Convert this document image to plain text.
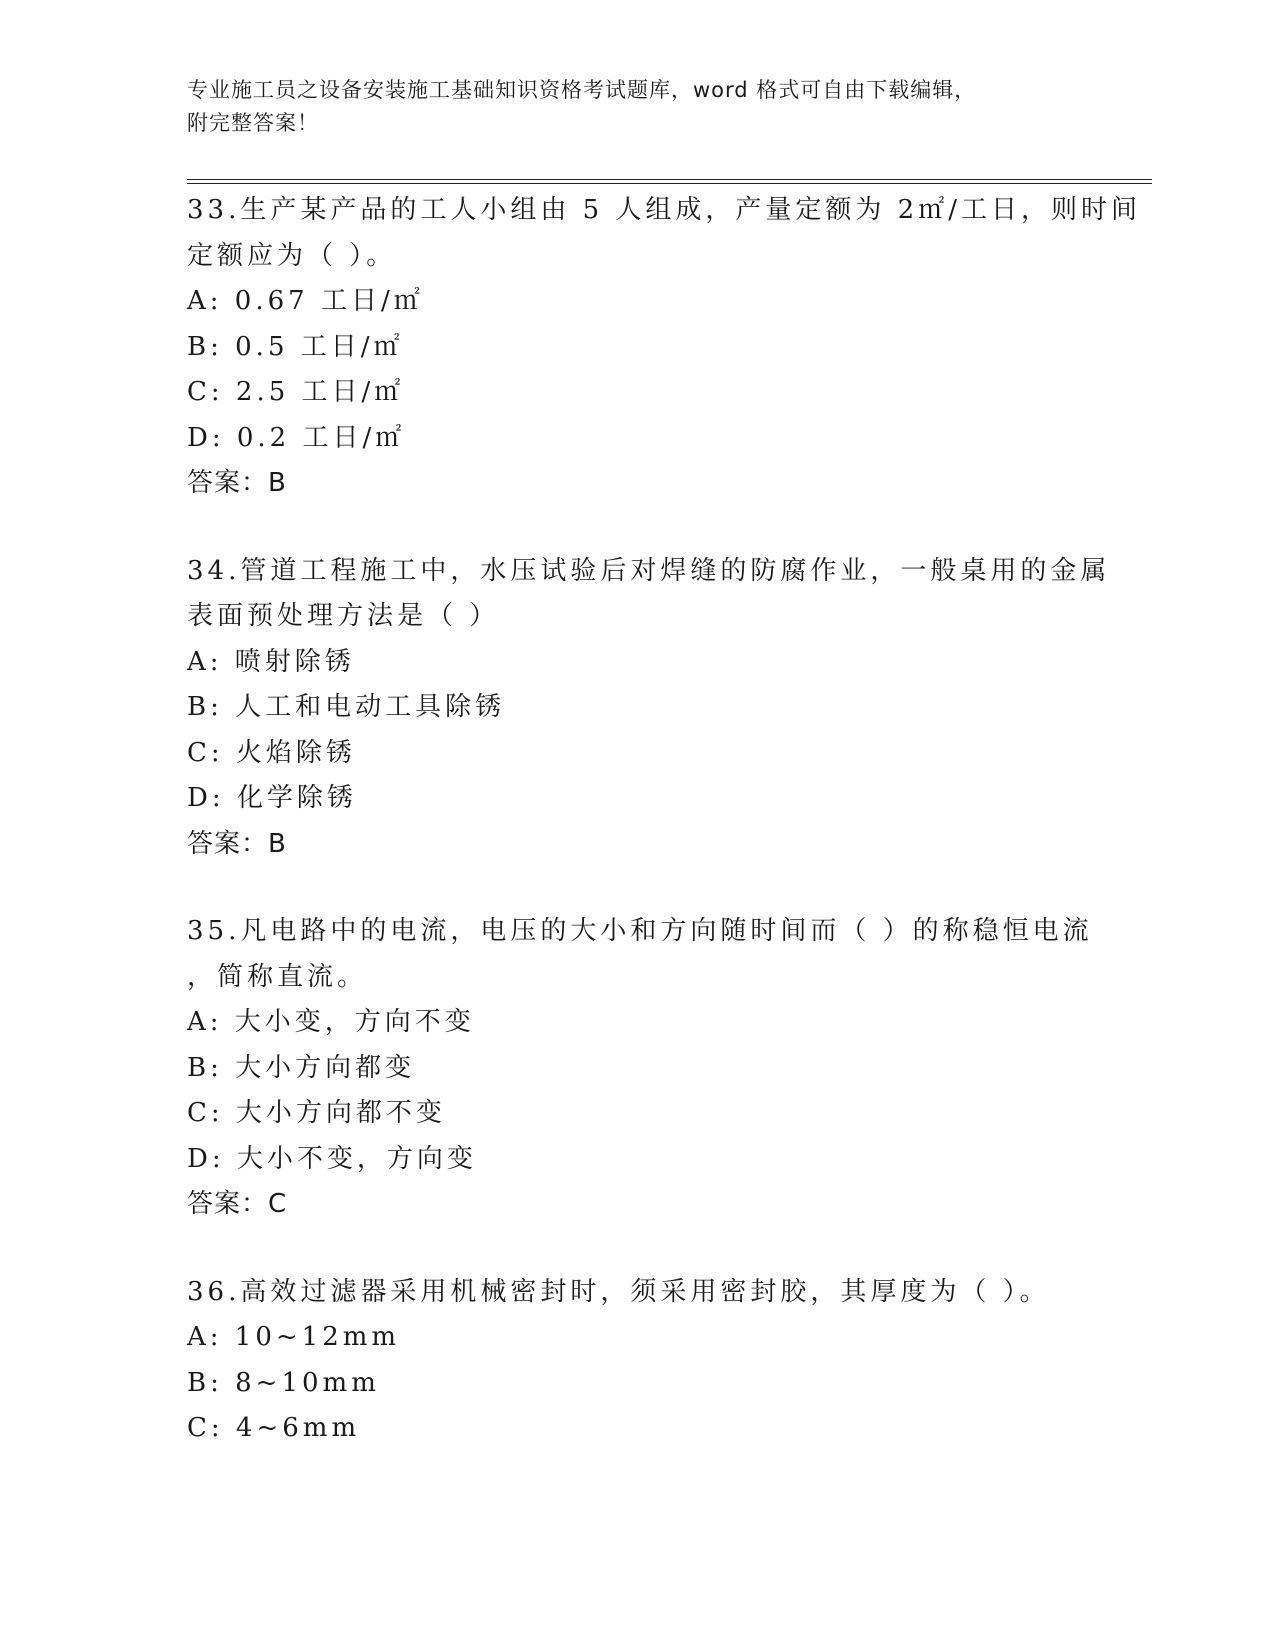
专业施工员之设备安装施工基础知识资格考试题库，word 格式可自由下载编辑，
附完整答案！
33.生产某产品的工人小组由 5 人组成，产量定额为 2㎡/工日，则时间
定额应为（ ）。
A: 0.67 工日/㎡
B: 0.5 工日/㎡
C: 2.5 工日/㎡
D: 0.2 工日/㎡
答案：B
34.管道工程施工中，水压试验后对焊缝的防腐作业，一般桌用的金属
表面预处理方法是（ ）
A: 喷射除锈
B: 人工和电动工具除锈
C: 火焰除锈
D: 化学除锈
答案：B
35.凡电路中的电流，电压的大小和方向随时间而（ ）的称稳恒电流
，简称直流。
A: 大小变，方向不变
B: 大小方向都变
C: 大小方向都不变
D: 大小不变，方向变
答案：C
36.高效过滤器采用机械密封时，须采用密封胶，其厚度为（ ）。
A: 10~12mm
B: 8~10mm
C: 4~6mm
